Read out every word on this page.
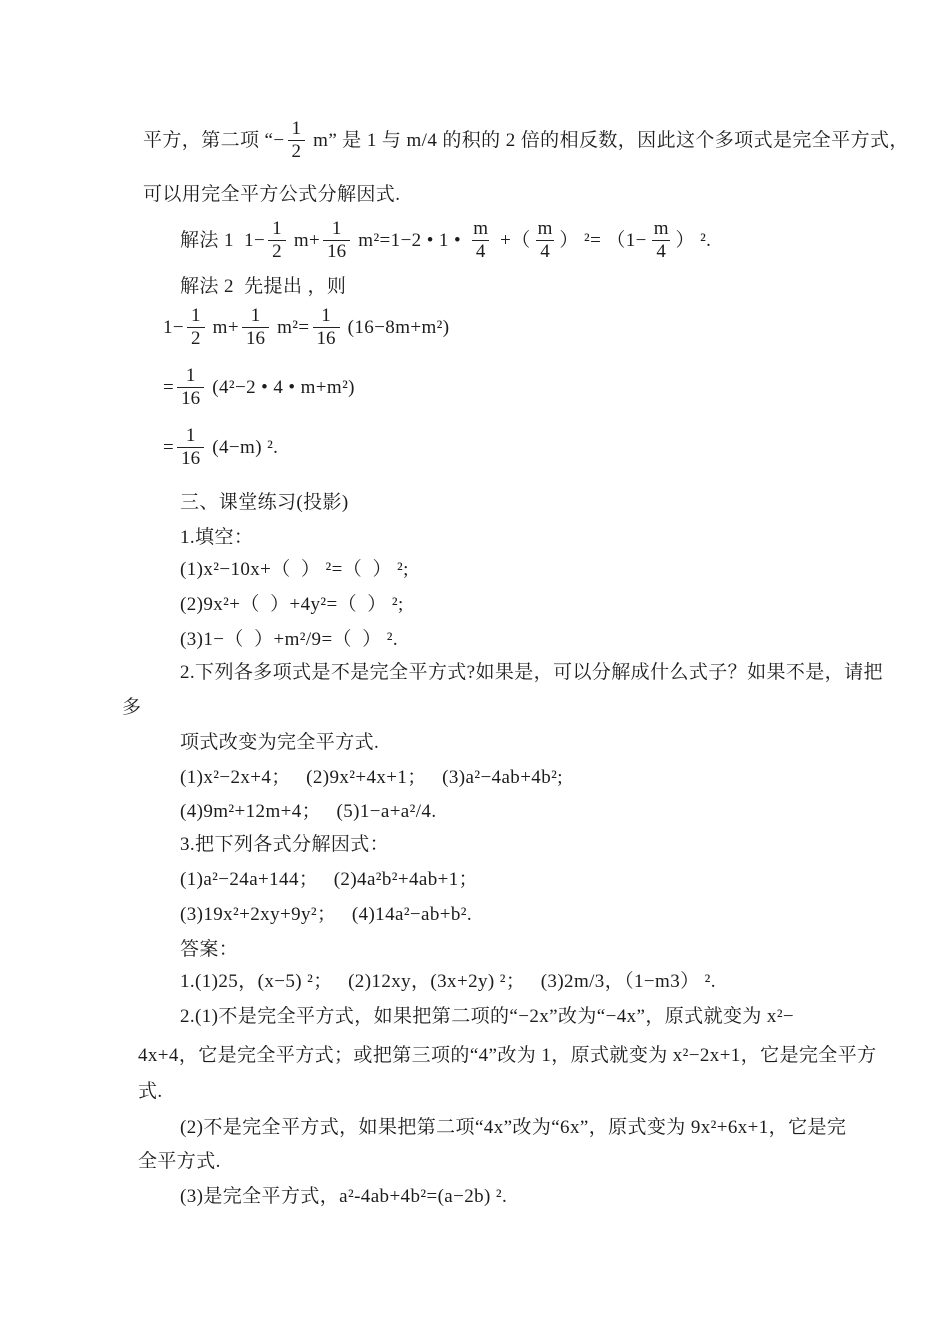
平方，第二项 “− $\frac{1}{2} m$” 是 1 与 m/4 的积的 2 倍的相反数，因此这个多项式是完全平方式，
可以用完全平方公式分解因式.
解法 1  $1- \frac{1}{2} m+ \frac{1}{16} m^2=1-2$ • 1 • $\frac{m}{4}$ +（ $\frac{m}{4}$ ） $^2= (1- \frac{m}{4}$ ） ².
解法 2  先提出 ，则
$1- \frac{1}{2} m+ \frac{1}{16} m^2= \frac{1}{16} (16-8m+m^2)$
= $\frac{1}{16} (4^2-2$ • 4 • m+m²)
= $\frac{1}{16} (4-m)$ ².
三、课堂练习(投影)
1.填空：
(1)x²−10x+（  ） ²=（  ） ²;
(2)9x²+（  ）+4y²=（  ） ²;
(3)1−（  ）+m²/9=（  ） ².
2.下列各多项式是不是完全平方式?如果是，可以分解成什么式子？如果不是，请把
多
项式改变为完全平方式.
(1)x²−2x+4；   (2)9x²+4x+1；   (3)a²−4ab+4b²;
(4)9m²+12m+4；   (5)1−a+a²/4.
3.把下列各式分解因式：
(1)a²−24a+144；   (2)4a²b²+4ab+1；
(3)19x²+2xy+9y²；   (4)14a²−ab+b².
答案：
1.(1)25，(x−5) ²；   (2)12xy，(3x+2y) ²；   (3)2m/3，（1−m3） ².
2.(1)不是完全平方式，如果把第二项的“−2x”改为“−4x”，原式就变为 x²−
4x+4，它是完全平方式；或把第三项的“4”改为 1，原式就变为 x²−2x+1，它是完全平方
式.
(2)不是完全平方式，如果把第二项“4x”改为“6x”，原式变为 9x²+6x+1，它是完
全平方式.
(3)是完全平方式，a²-4ab+4b²=(a−2b) ².
